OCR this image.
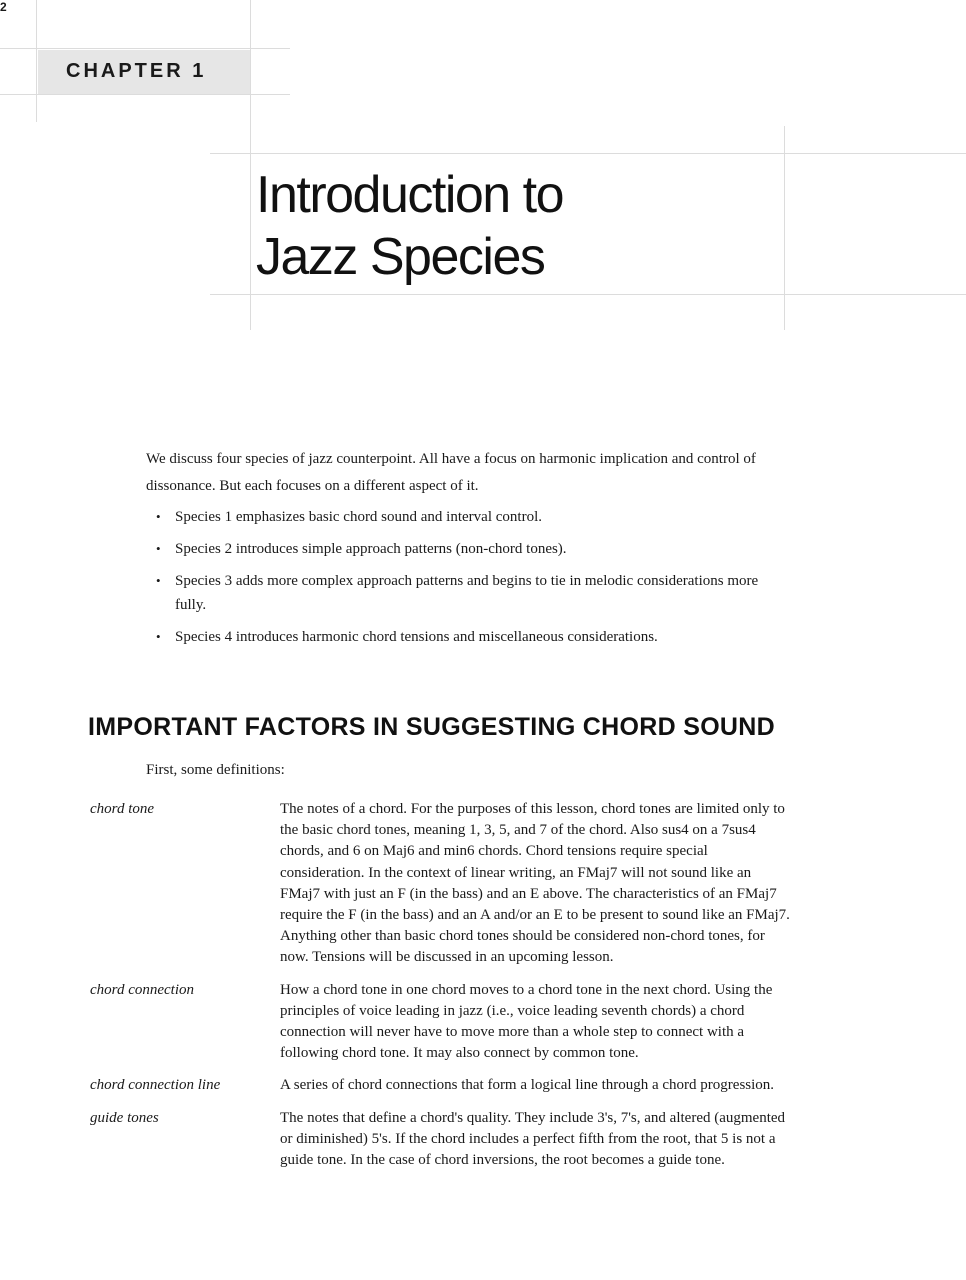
2
CHAPTER 1
Introduction to
Jazz Species

We discuss four species of jazz counterpoint. All have a focus on harmonic implication and control of dissonance. But each focuses on a different aspect of it.

• Species 1 emphasizes basic chord sound and interval control.
• Species 2 introduces simple approach patterns (non-chord tones).
• Species 3 adds more complex approach patterns and begins to tie in melodic considerations more fully.
• Species 4 introduces harmonic chord tensions and miscellaneous considerations.
IMPORTANT FACTORS IN SUGGESTING CHORD SOUND

First, some definitions:

chord tone	The notes of a chord. For the purposes of this lesson, chord tones are limited only to the basic chord tones, meaning 1, 3, 5, and 7 of the chord. Also sus4 on a 7sus4 chords, and 6 on Maj6 and min6 chords. Chord tensions require special consideration. In the context of linear writing, an FMaj7 will not sound like an FMaj7 with just an F (in the bass) and an E above. The characteristics of an FMaj7 require the F (in the bass) and an A and/or an E to be present to sound like an FMaj7. Anything other than basic chord tones should be considered non-chord tones, for now. Tensions will be discussed in an upcoming lesson.
chord connection	How a chord tone in one chord moves to a chord tone in the next chord. Using the principles of voice leading in jazz (i.e., voice leading seventh chords) a chord connection will never have to move more than a whole step to connect with a following chord tone. It may also connect by common tone.
chord connection line	A series of chord connections that form a logical line through a chord progression.
guide tones	The notes that define a chord's quality. They include 3's, 7's, and altered (augmented or diminished) 5's. If the chord includes a perfect fifth from the root, that 5 is not a guide tone. In the case of chord inversions, the root becomes a guide tone.
